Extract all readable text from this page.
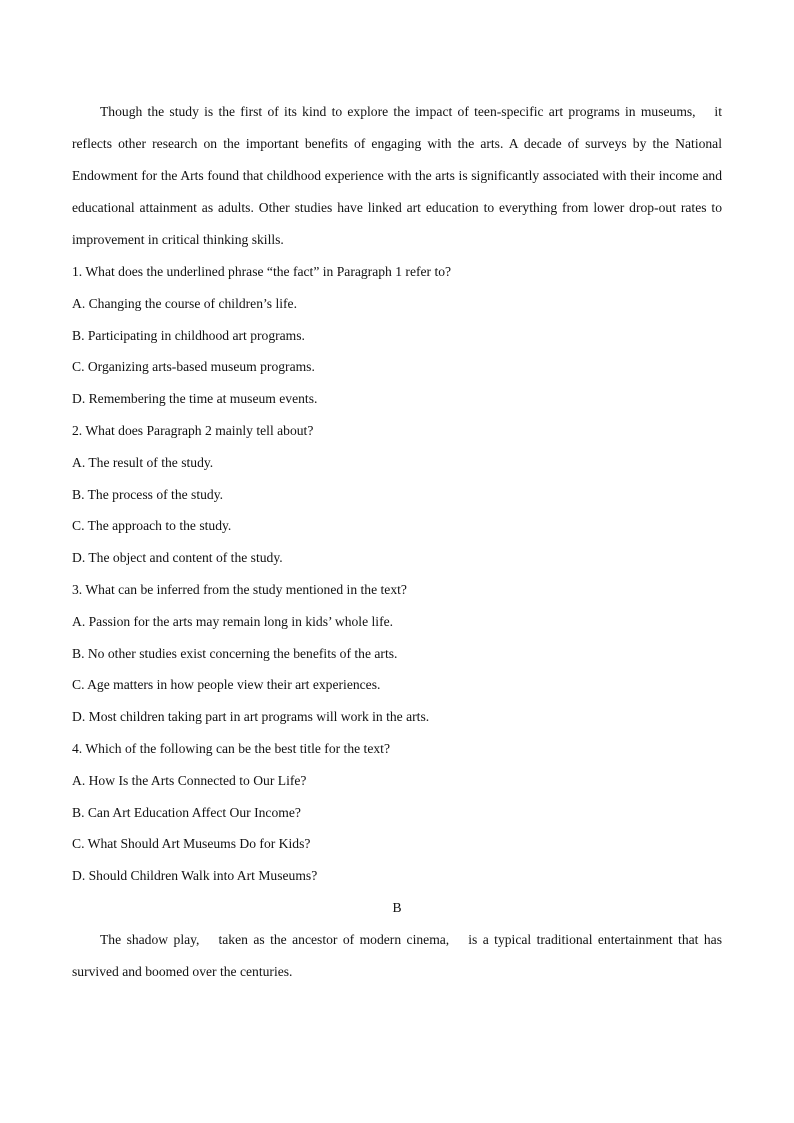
Though the study is the first of its kind to explore the impact of teen-specific art programs in museums,  it reflects other research on the important benefits of engaging with the arts. A decade of surveys by the National Endowment for the Arts found that childhood experience with the arts is significantly associated with their income and educational attainment as adults. Other studies have linked art education to everything from lower drop-out rates to improvement in critical thinking skills.

1. What does the underlined phrase “the fact” in Paragraph 1 refer to?

A. Changing the course of children’s life.

B. Participating in childhood art programs.

C. Organizing arts-based museum programs.

D. Remembering the time at museum events.

2. What does Paragraph 2 mainly tell about?

A. The result of the study.

B. The process of the study.

C. The approach to the study.

D. The object and content of the study.

3. What can be inferred from the study mentioned in the text?

A. Passion for the arts may remain long in kids’ whole life.

B. No other studies exist concerning the benefits of the arts.

C. Age matters in how people view their art experiences.

D. Most children taking part in art programs will work in the arts.

4. Which of the following can be the best title for the text?

A. How Is the Arts Connected to Our Life?

B. Can Art Education Affect Our Income?

C. What Should Art Museums Do for Kids?

D. Should Children Walk into Art Museums?

B

The shadow play,  taken as the ancestor of modern cinema,  is a typical traditional entertainment that has survived and boomed over the centuries.
